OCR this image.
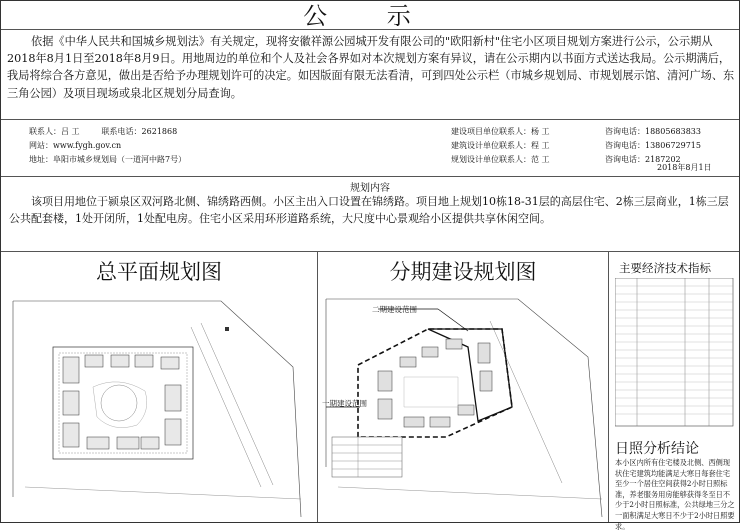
公 示
依据《中华人民共和国城乡规划法》有关规定，现将安徽祥源公园城开发有限公司的"欧阳新村"住宅小区项目规划方案进行公示，公示期从2018年8月1日至2018年8月9日。用地周边的单位和个人及社会各界如对本次规划方案有异议，请在公示期内以书面方式送达我局。公示期满后，我局将综合各方意见，做出是否给予办理规划许可的决定。如因版面有限无法看清，可到四处公示栏（市城乡规划局、市规划展示馆、清河广场、东三角公园）及项目现场或泉北区规划分局查询。
联系人： 吕 工	联系电话： 2621868
网站： www.fygh.gov.cn
地址： 阜阳市城乡规划局（一道河中路7号）
建设项目单位联系人： 杨 工
建筑设计单位联系人： 程 工
规划设计单位联系人： 范 工
咨询电话： 18805683833
咨询电话： 13806729715
咨询电话： 2187202
2018年8月1日
规划内容
该项目用地位于颍泉区双河路北侧、锦绣路西侧。小区主出入口设置在锦绣路。项目地上规划10栋18-31层的高层住宅、2栋三层商业，1栋三层公共配套楼，1处开闭所，1处配电房。住宅小区采用环形道路系统，大尺度中心景观给小区提供共享休闲空间。
总平面规划图	分期建设规划图
二期建设范围
一期建设范围
主要经济技术指标
日照分析结论
本小区内所有住宅楼及北侧、西侧现状住宅建筑均能满足大寒日每套住宅至少一个居住空间获得2小时日照标准，养老服务用房能够获得冬至日不少于2小时日照标准，公共绿地三分之一面积满足大寒日不少于2小时日照要求。
